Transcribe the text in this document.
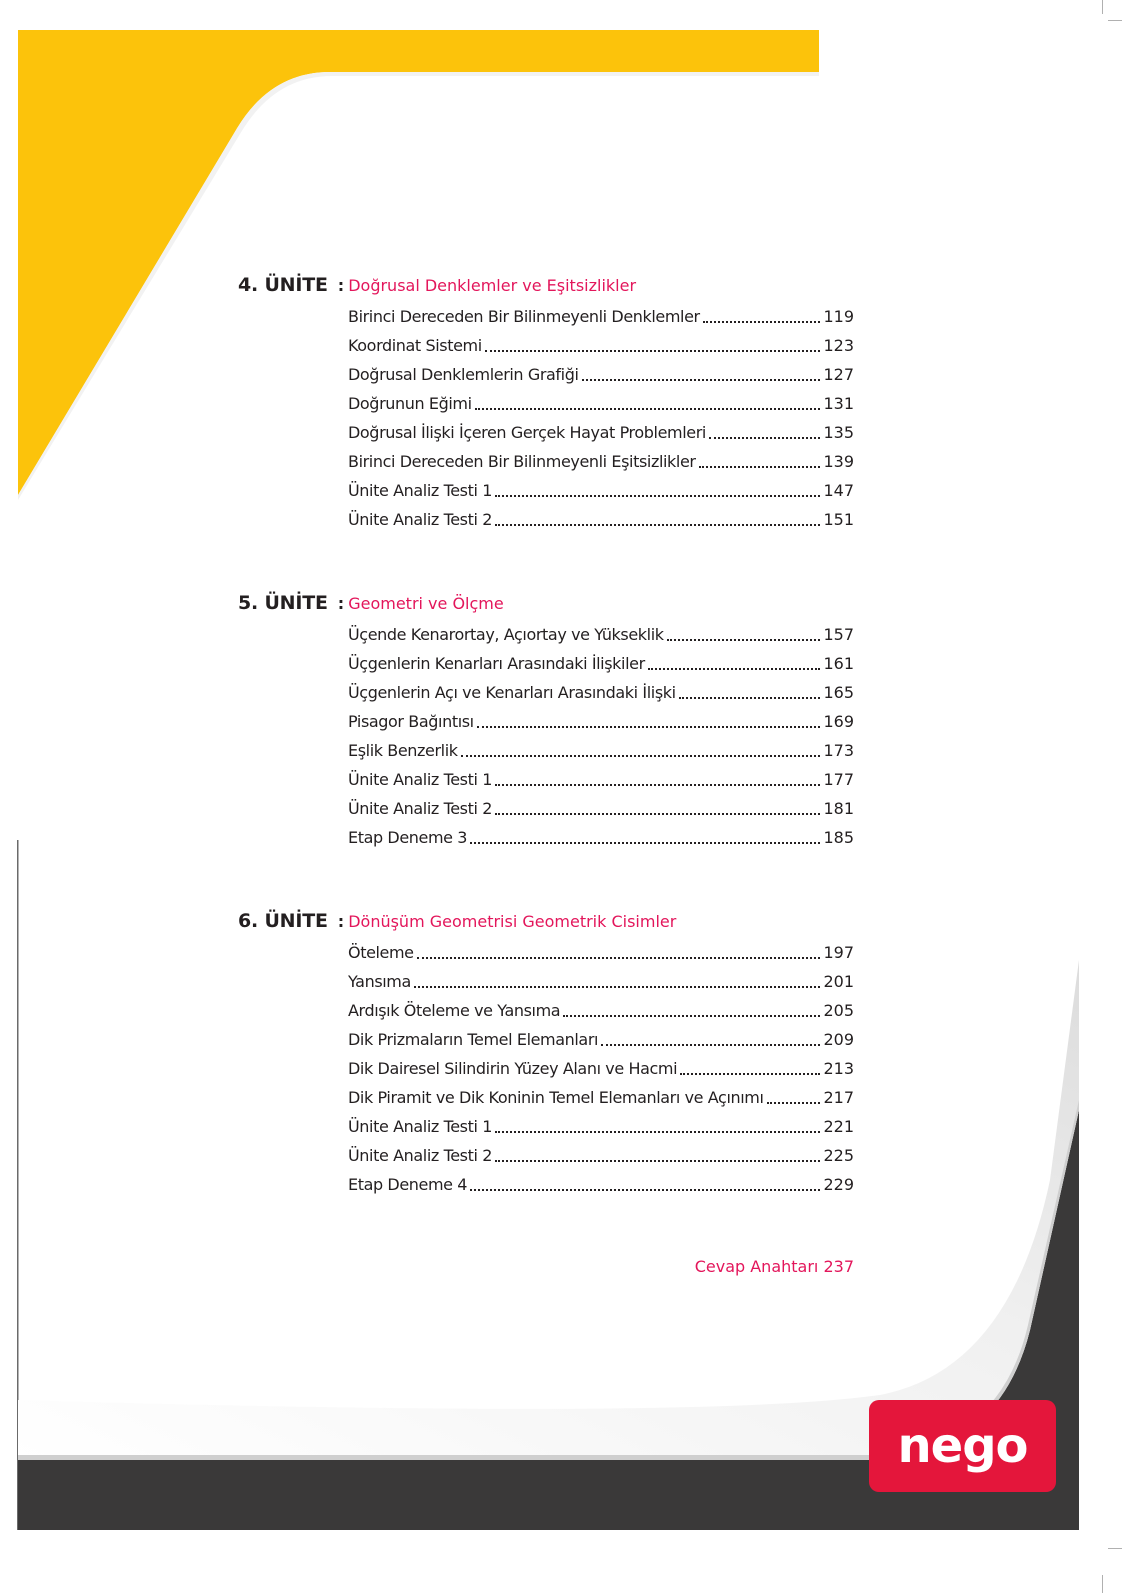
4. ÜNİTE : Doğrusal Denklemler ve Eşitsizlikler
Birinci Dereceden Bir Bilinmeyenli Denklemler	119
Koordinat Sistemi	123
Doğrusal Denklemlerin Grafiği	127
Doğrunun Eğimi	131
Doğrusal İlişki İçeren Gerçek Hayat Problemleri	135
Birinci Dereceden Bir Bilinmeyenli Eşitsizlikler	139
Ünite Analiz Testi 1	147
Ünite Analiz Testi 2	151
5. ÜNİTE : Geometri ve Ölçme
Üçende Kenarortay, Açıortay ve Yükseklik	157
Üçgenlerin Kenarları Arasındaki İlişkiler	161
Üçgenlerin Açı ve Kenarları Arasındaki İlişki	165
Pisagor Bağıntısı	169
Eşlik Benzerlik	173
Ünite Analiz Testi 1	177
Ünite Analiz Testi 2	181
Etap Deneme 3	185
6. ÜNİTE : Dönüşüm Geometrisi Geometrik Cisimler
Öteleme	197
Yansıma	201
Ardışık Öteleme ve Yansıma	205
Dik Prizmaların Temel Elemanları	209
Dik Dairesel Silindirin Yüzey Alanı ve Hacmi	213
Dik Piramit ve Dik Koninin Temel Elemanları ve Açınımı	217
Ünite Analiz Testi 1	221
Ünite Analiz Testi 2	225
Etap Deneme 4	229
Cevap Anahtarı 237
nego
